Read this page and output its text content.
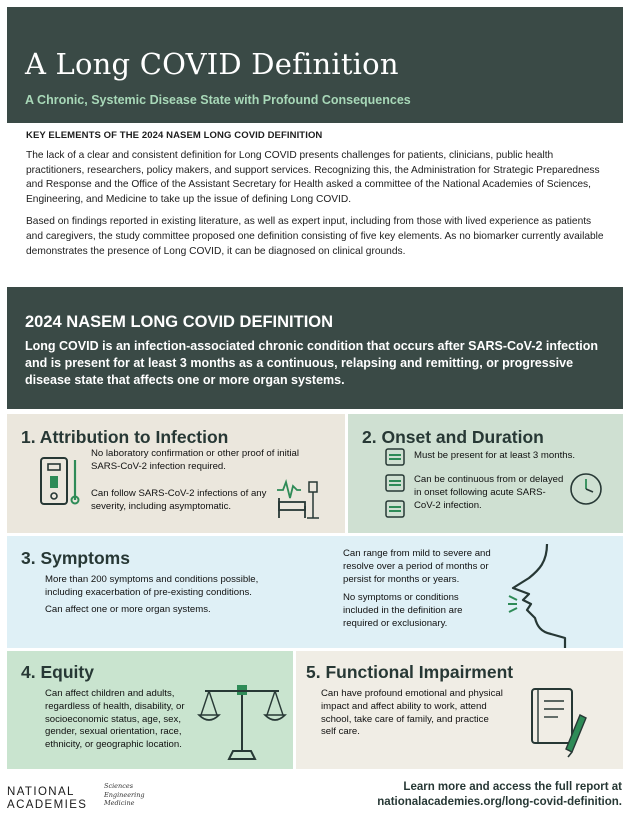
A Long COVID Definition
A Chronic, Systemic Disease State with Profound Consequences
KEY ELEMENTS OF THE 2024 NASEM LONG COVID DEFINITION

The lack of a clear and consistent definition for Long COVID presents challenges for patients, clinicians, public health practitioners, researchers, policy makers, and support services. Recognizing this, the Administration for Strategic Preparedness and Response and the Office of the Assistant Secretary for Health asked a committee of the National Academies of Sciences, Engineering, and Medicine to take up the issue of defining Long COVID.

Based on findings reported in existing literature, as well as expert input, including from those with lived experience as patients and caregivers, the study committee proposed one definition consisting of five key elements. As no biomarker currently available demonstrates the presence of Long COVID, it can be diagnosed on clinical grounds.

2024 NASEM LONG COVID DEFINITION
Long COVID is an infection-associated chronic condition that occurs after SARS-CoV-2 infection and is present for at least 3 months as a continuous, relapsing and remitting, or progressive disease state that affects one or more organ systems.
1. Attribution to Infection
No laboratory confirmation or other proof of initial SARS-CoV-2 infection required.
Can follow SARS-CoV-2 infections of any severity, including asymptomatic.
2. Onset and Duration
Must be present for at least 3 months.
Can be continuous from or delayed in onset following acute SARS-CoV-2 infection.
3. Symptoms
More than 200 symptoms and conditions possible, including exacerbation of pre-existing conditions.
Can affect one or more organ systems.
Can range from mild to severe and resolve over a period of months or persist for months or years.
No symptoms or conditions included in the definition are required or exclusionary.
4. Equity
Can affect children and adults, regardless of health, disability, or socioeconomic status, age, sex, gender, sexual orientation, race, ethnicity, or geographic location.
5. Functional Impairment
Can have profound emotional and physical impact and affect ability to work, attend school, take care of family, and practice self care.
NATIONAL
ACADEMIES
Sciences
Engineering
Medicine
Learn more and access the full report at
nationalacademies.org/long-covid-definition.
